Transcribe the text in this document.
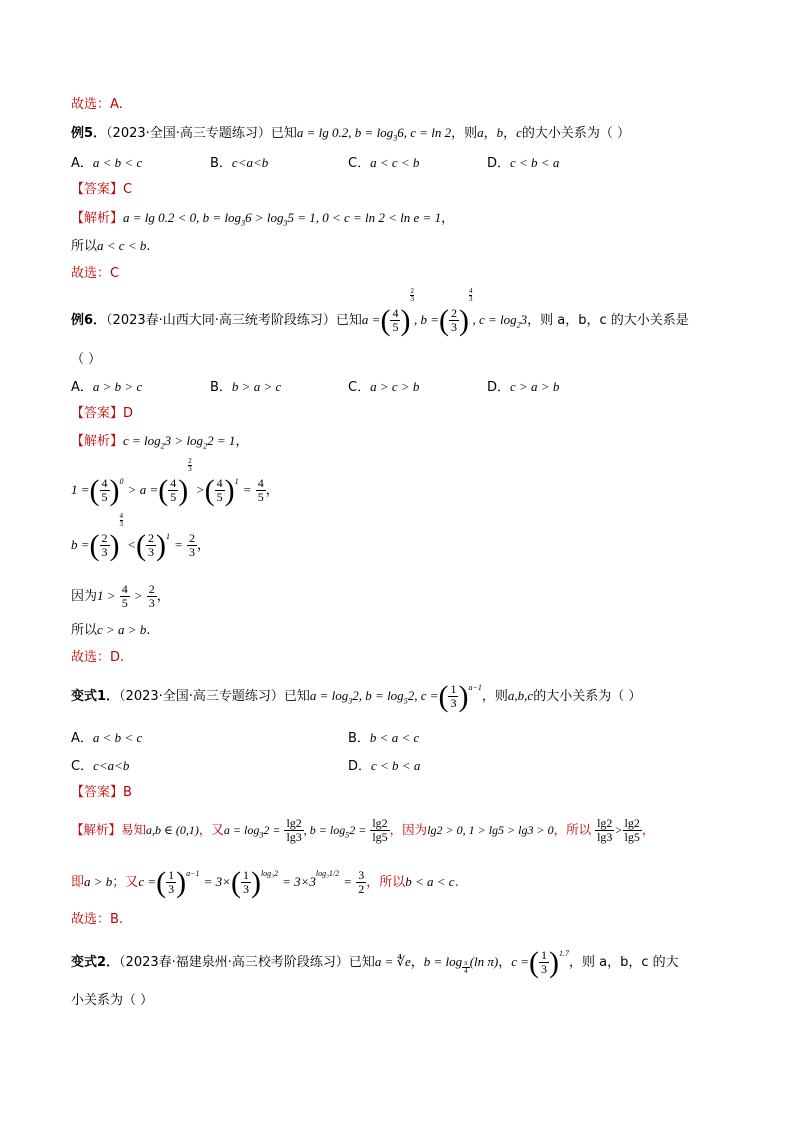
故选：A.
例5．（2023·全国·高三专题练习）已知a = lg 0.2, $b = \log_36$, c = ln 2，则a，b，c的大小关系为（ ）
A．a < b < c	B．c<a<b	C．a < c < b	D．c < b < a
【答案】C
【解析】a = lg 0.2 < 0, $b = \log_36 > \log_35 = 1$, 0 < c = ln 2 < ln e = 1，
所以a < c < b.
故选：C
例6．（2023春·山西大同·高三统考阶段练习）已知a =( $\frac{4}{5}$ )
$\frac{2}{3}$, b =( $\frac{2}{3}$ )
$\frac{4}{3}$, $c = \log_23$，则 a，b，c 的大小关系是
（ ）
A．a > b > c	B．b > a > c	C．a > c > b	D．c > a > b
【答案】D
【解析】$c = \log_23 > \log_22 = 1$，
1 =( $\frac{4}{5} )^0 > a$ =( $\frac{4}{5}$ )
$\frac{2}{3}$ >( $\frac{4}{5} )^1 = \frac{4}{5}$ ，
b =( $\frac{2}{3}$ )
$\frac{4}{3}$ <( $\frac{2}{3} )^1 = \frac{2}{3}$ ，
因为$1 > \frac{4}{5} > \frac{2}{3}$ ，
所以c > a > b.
故选：D.
变式1．（2023·全国·高三专题练习）已知$a = \log_32$, $b = \log_52$, c =( $\frac{1}{3} )^{a-1}$，则a,b,c的大小关系为（ ）
A．a < b < c	B．b < a < c
C．c<a<b	D．c < b < a
【答案】B
【解析】易知a,b ∈ (0,1)，又$a = \log_32 = \frac{\lg 2}{\lg 3}$ , $b = \log_52 = \frac{\lg 2}{\lg 5}$ ，因为lg2 > 0, 1 > lg5 > lg3 > 0，所以 $\frac{\lg 2}{\lg 3} > \frac{\lg 2}{\lg 5}$ ，
即a > b；又c =( $\frac{1}{3} )^{a-1} = 3\times( \frac{1}{3} )^{log_32} = 3\times 3^{log_31/2} = \frac{3}{2}$ ，所以b < a < c.
故选：B.
变式2．（2023春·福建泉州·高三校考阶段练习）已知a = ∜e，b = log $_{\frac{\pi}{4}}$ (ln π)，c =( $\frac{1}{3} )^{1.7}$，则 a，b，c 的大
小关系为（ ）
